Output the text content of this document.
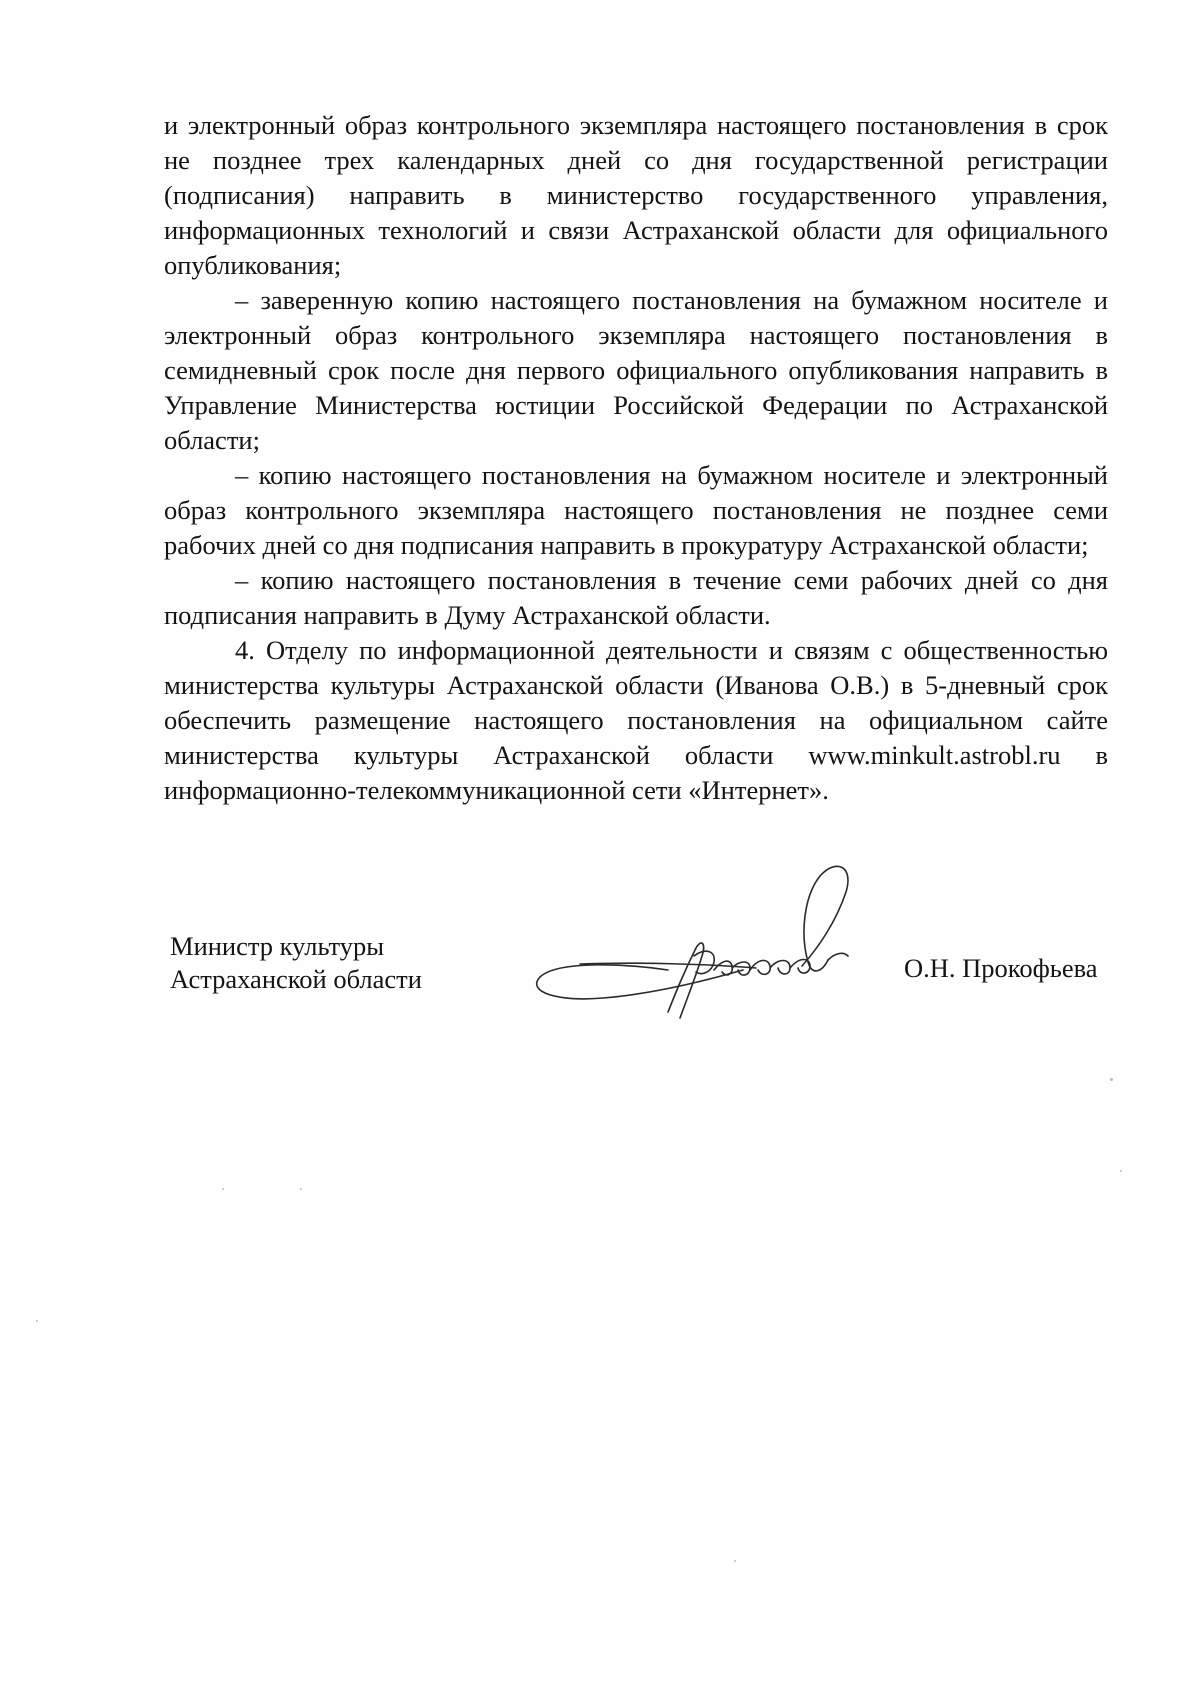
и электронный образ контрольного экземпляра настоящего постановления в срок не позднее трех календарных дней со дня государственной регистрации (подписания) направить в министерство государственного управления, информационных технологий и связи Астраханской области для официального опубликования;

– заверенную копию настоящего постановления на бумажном носителе и электронный образ контрольного экземпляра настоящего постановления в семидневный срок после дня первого официального опубликования направить в Управление Министерства юстиции Российской Федерации по Астраханской области;

– копию настоящего постановления на бумажном носителе и электронный образ контрольного экземпляра настоящего постановления не позднее семи рабочих дней со дня подписания направить в прокуратуру Астраханской области;

– копию настоящего постановления в течение семи рабочих дней со дня подписания направить в Думу Астраханской области.

4. Отделу по информационной деятельности и связям с общественностью министерства культуры Астраханской области (Иванова О.В.) в 5-дневный срок обеспечить размещение настоящего постановления на официальном сайте министерства культуры Астраханской области www.minkult.astrobl.ru в информационно-телекоммуникационной сети «Интернет».

Министр культуры
Астраханской области	О.Н. Прокофьева
